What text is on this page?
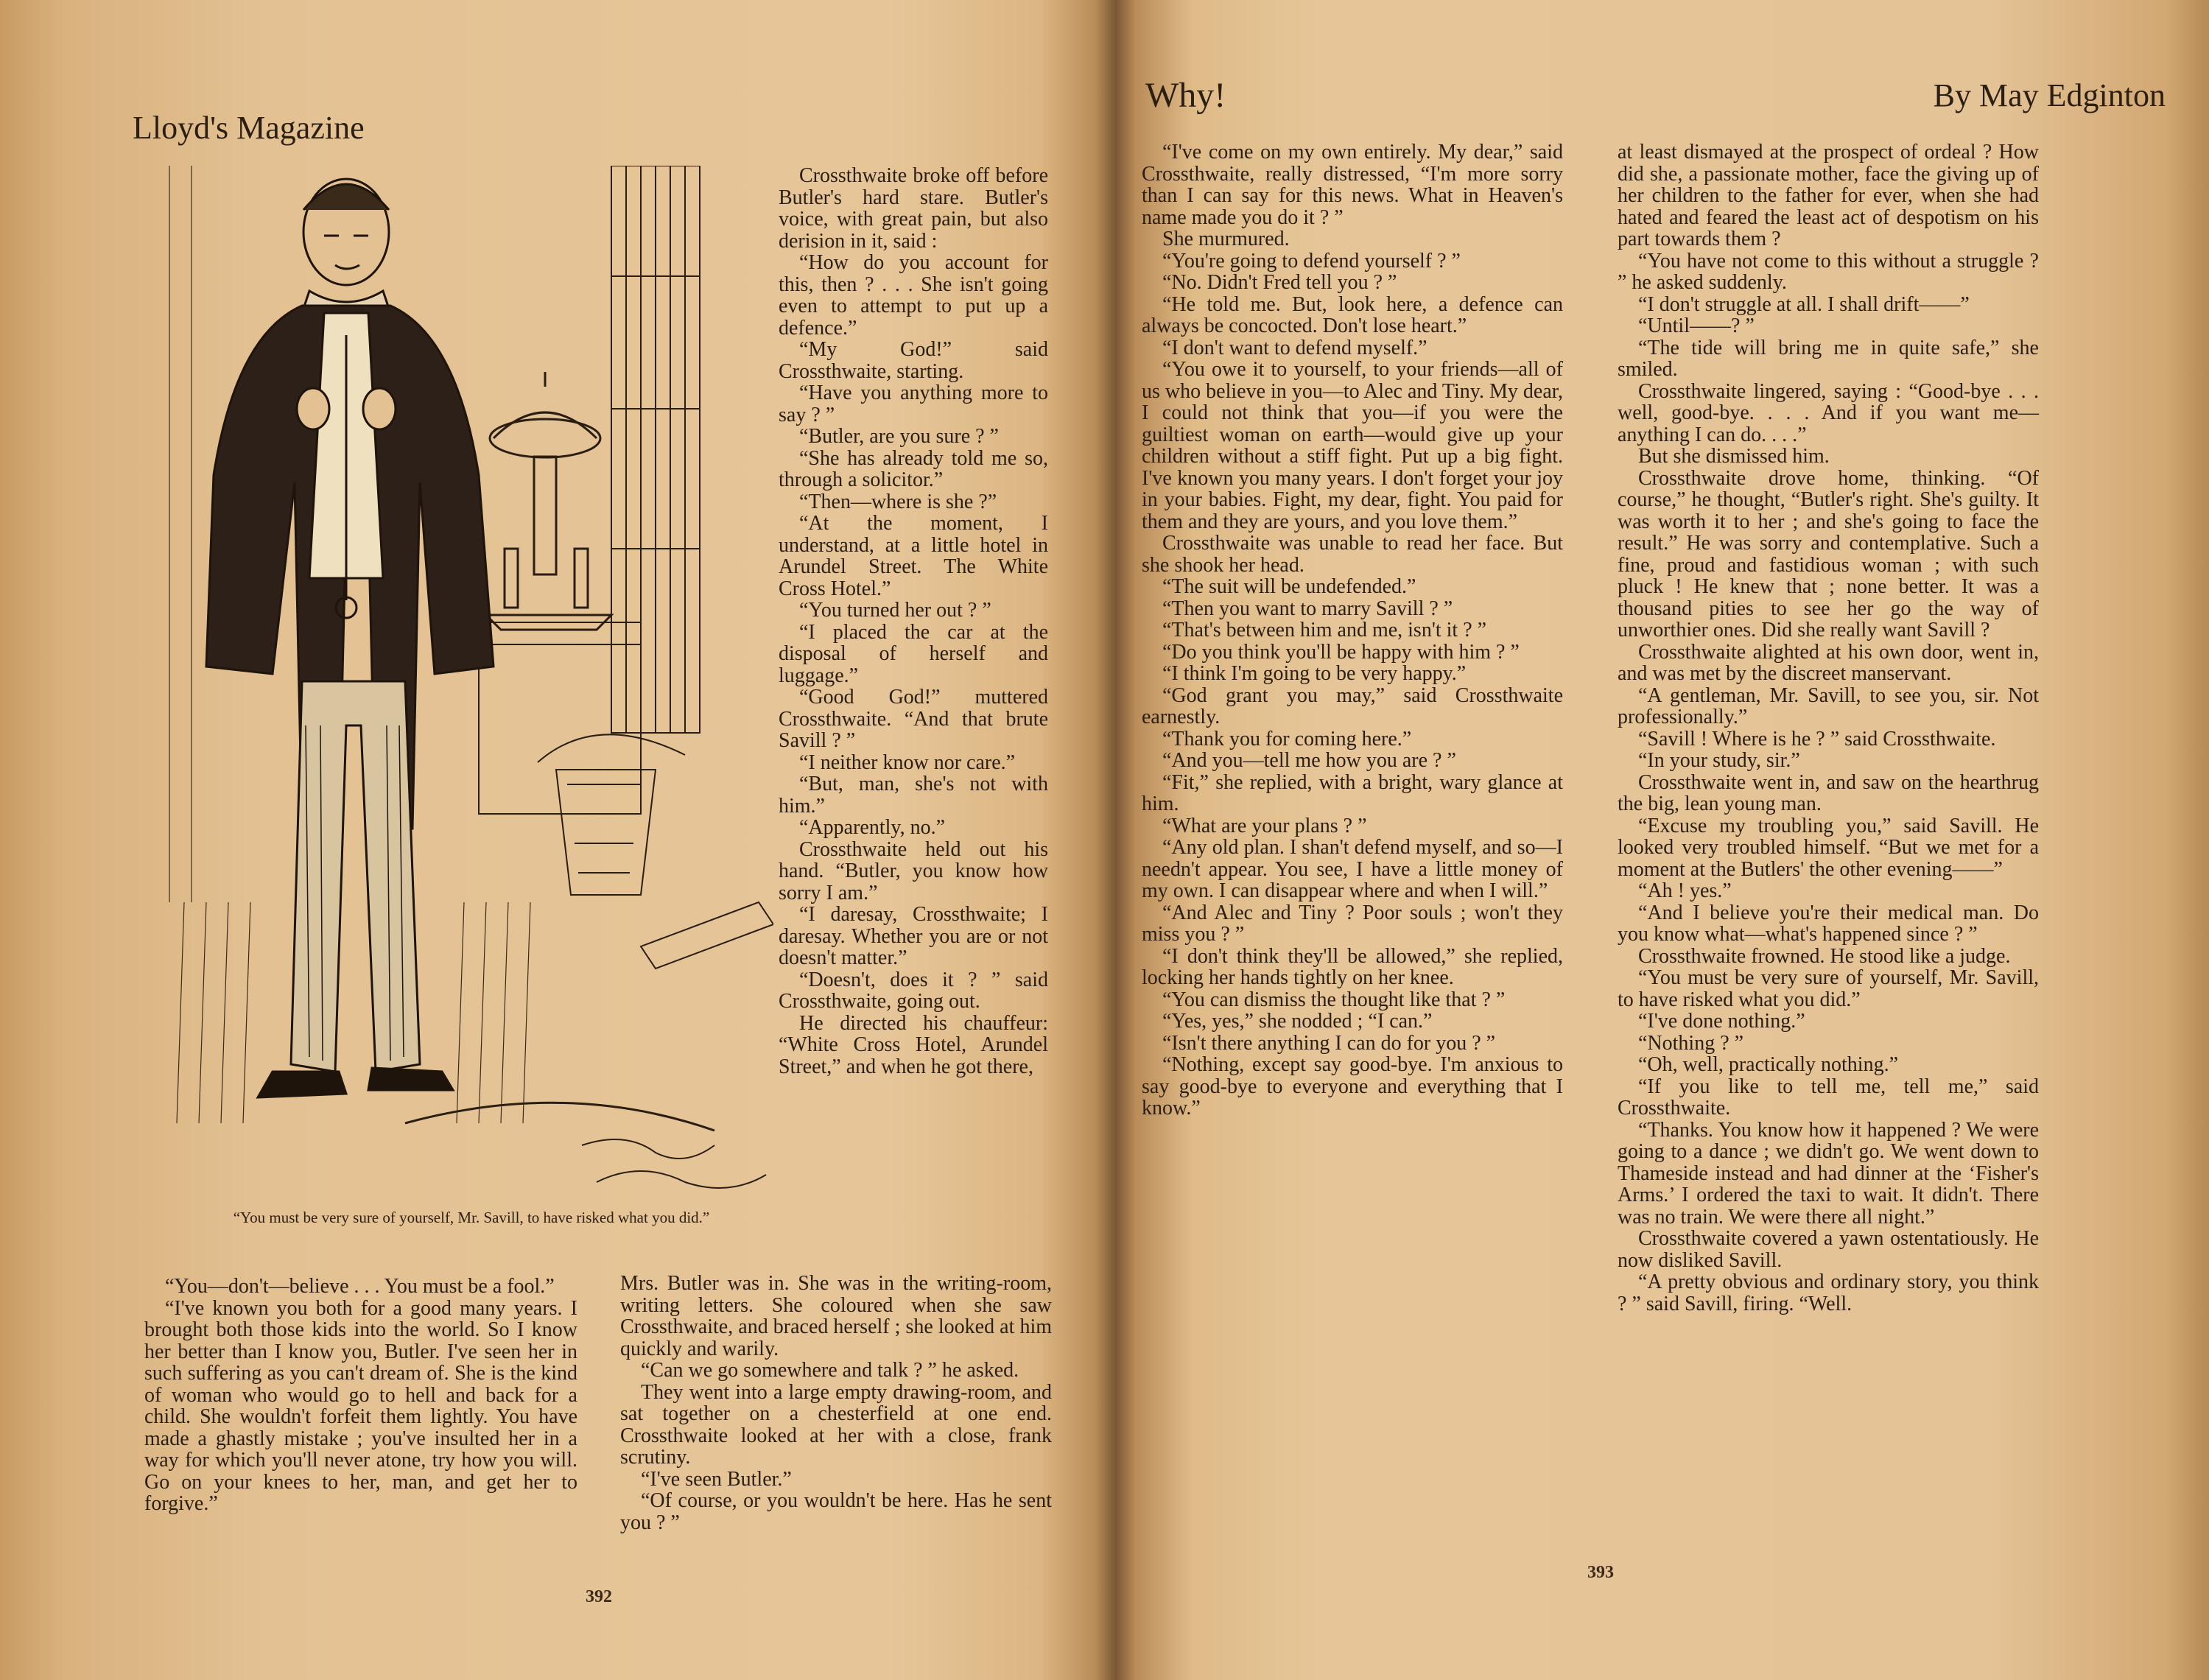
Lloyd's Magazine
“You must be very sure of yourself, Mr. Savill, to have risked what you did.”

Crossthwaite broke off before Butler's hard stare. Butler's voice, with great pain, but also derision in it, said :

“How do you account for this, then ? . . . She isn't going even to attempt to put up a defence.”

“My God!” said Crossthwaite, starting.

“Have you anything more to say ? ”

“Butler, are you sure ? ”

“She has already told me so, through a solicitor.”

“Then—where is she ?”

“At the moment, I understand, at a little hotel in Arundel Street. The White Cross Hotel.”

“You turned her out ? ”

“I placed the car at the disposal of herself and luggage.”

“Good God!” muttered Crossthwaite. “And that brute Savill ? ”

“I neither know nor care.”

“But, man, she's not with him.”

“Apparently, no.”

Crossthwaite held out his hand. “Butler, you know how sorry I am.”

“I daresay, Crossthwaite; I daresay. Whether you are or not doesn't matter.”

“Doesn't, does it ? ” said Crossthwaite, going out.

He directed his chauffeur: “White Cross Hotel, Arundel Street,” and when he got there,

“You—don't—believe . . . You must be a fool.”

“I've known you both for a good many years. I brought both those kids into the world. So I know her better than I know you, Butler. I've seen her in such suffering as you can't dream of. She is the kind of woman who would go to hell and back for a child. She wouldn't forfeit them lightly. You have made a ghastly mistake ; you've insulted her in a way for which you'll never atone, try how you will. Go on your knees to her, man, and get her to forgive.”

Mrs. Butler was in. She was in the writing-room, writing letters. She coloured when she saw Crossthwaite, and braced herself ; she looked at him quickly and warily.

“Can we go somewhere and talk ? ” he asked.

They went into a large empty drawing-room, and sat together on a chesterfield at one end. Crossthwaite looked at her with a close, frank scrutiny.

“I've seen Butler.”

“Of course, or you wouldn't be here. Has he sent you ? ”

392
Why!	By May Edginton

“I've come on my own entirely. My dear,” said Crossthwaite, really distressed, “I'm more sorry than I can say for this news. What in Heaven's name made you do it ? ”

She murmured.

“You're going to defend yourself ? ”

“No. Didn't Fred tell you ? ”

“He told me. But, look here, a defence can always be concocted. Don't lose heart.”

“I don't want to defend myself.”

“You owe it to yourself, to your friends—all of us who believe in you—to Alec and Tiny. My dear, I could not think that you—if you were the guiltiest woman on earth—would give up your children without a stiff fight. Put up a big fight. I've known you many years. I don't forget your joy in your babies. Fight, my dear, fight. You paid for them and they are yours, and you love them.”

Crossthwaite was unable to read her face. But she shook her head.

“The suit will be undefended.”

“Then you want to marry Savill ? ”

“That's between him and me, isn't it ? ”

“Do you think you'll be happy with him ? ”

“I think I'm going to be very happy.”

“God grant you may,” said Crossthwaite earnestly.

“Thank you for coming here.”

“And you—tell me how you are ? ”

“Fit,” she replied, with a bright, wary glance at him.

“What are your plans ? ”

“Any old plan. I shan't defend myself, and so—I needn't appear. You see, I have a little money of my own. I can disappear where and when I will.”

“And Alec and Tiny ? Poor souls ; won't they miss you ? ”

“I don't think they'll be allowed,” she replied, locking her hands tightly on her knee.

“You can dismiss the thought like that ? ”

“Yes, yes,” she nodded ; “I can.”

“Isn't there anything I can do for you ? ”

“Nothing, except say good-bye. I'm anxious to say good-bye to everyone and everything that I know.”

at least dismayed at the prospect of ordeal ? How did she, a passionate mother, face the giving up of her children to the father for ever, when she had hated and feared the least act of despotism on his part towards them ?

“You have not come to this without a struggle ? ” he asked suddenly.

“I don't struggle at all. I shall drift——”

“Until——? ”

“The tide will bring me in quite safe,” she smiled.

Crossthwaite lingered, saying : “Good-bye . . . well, good-bye. . . . And if you want me—anything I can do. . . .”

But she dismissed him.

Crossthwaite drove home, thinking. “Of course,” he thought, “Butler's right. She's guilty. It was worth it to her ; and she's going to face the result.” He was sorry and contemplative. Such a fine, proud and fastidious woman ; with such pluck ! He knew that ; none better. It was a thousand pities to see her go the way of unworthier ones. Did she really want Savill ?

Crossthwaite alighted at his own door, went in, and was met by the discreet manservant.

“A gentleman, Mr. Savill, to see you, sir. Not professionally.”

“Savill ! Where is he ? ” said Crossthwaite.

“In your study, sir.”

Crossthwaite went in, and saw on the hearthrug the big, lean young man.

“Excuse my troubling you,” said Savill. He looked very troubled himself. “But we met for a moment at the Butlers' the other evening——”

“Ah ! yes.”

“And I believe you're their medical man. Do you know what—what's happened since ? ”

Crossthwaite frowned. He stood like a judge.

“You must be very sure of yourself, Mr. Savill, to have risked what you did.”

“I've done nothing.”

“Nothing ? ”

“Oh, well, practically nothing.”

“If you like to tell me, tell me,” said Crossthwaite.

“Thanks. You know how it happened ? We were going to a dance ; we didn't go. We went down to Thameside instead and had dinner at the ‘Fisher's Arms.’ I ordered the taxi to wait. It didn't. There was no train. We were there all night.”

Crossthwaite covered a yawn ostentatiously. He now disliked Savill.

“A pretty obvious and ordinary story, you think ? ” said Savill, firing. “Well.

393
